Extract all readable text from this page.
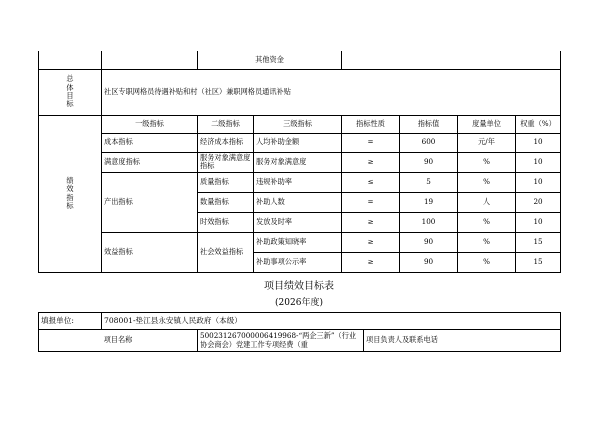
		其他资金					
总
体
目
标	社区专职网格员待遇补贴和村（社区）兼职网格员通讯补贴						
绩
效
指
标	一级指标	二级指标	三级指标	指标性质	指标值	度量单位	权重（%）
	成本指标	经济成本指标	人均补助金额	=	600	元/年	10
	满意度指标	服务对象满意度指标	服务对象满意度	≥	90	%	10
	产出指标	质量指标	违规补助率	≤	5	%	10
		数量指标	补助人数	=	19	人	20
		时效指标	发放及时率	≥	100	%	10
	效益指标	社会效益指标	补助政策知晓率	≥	90	%	15
			补助事项公示率	≥	90	%	15
项目绩效目标表
(2026年度)
填报单位:	708001-垫江县永安镇人民政府（本级）		
项目名称		500231267000006419968-“两企三新”（行业协会商会）党建工作专项经费（重	项目负责人及联系电话
